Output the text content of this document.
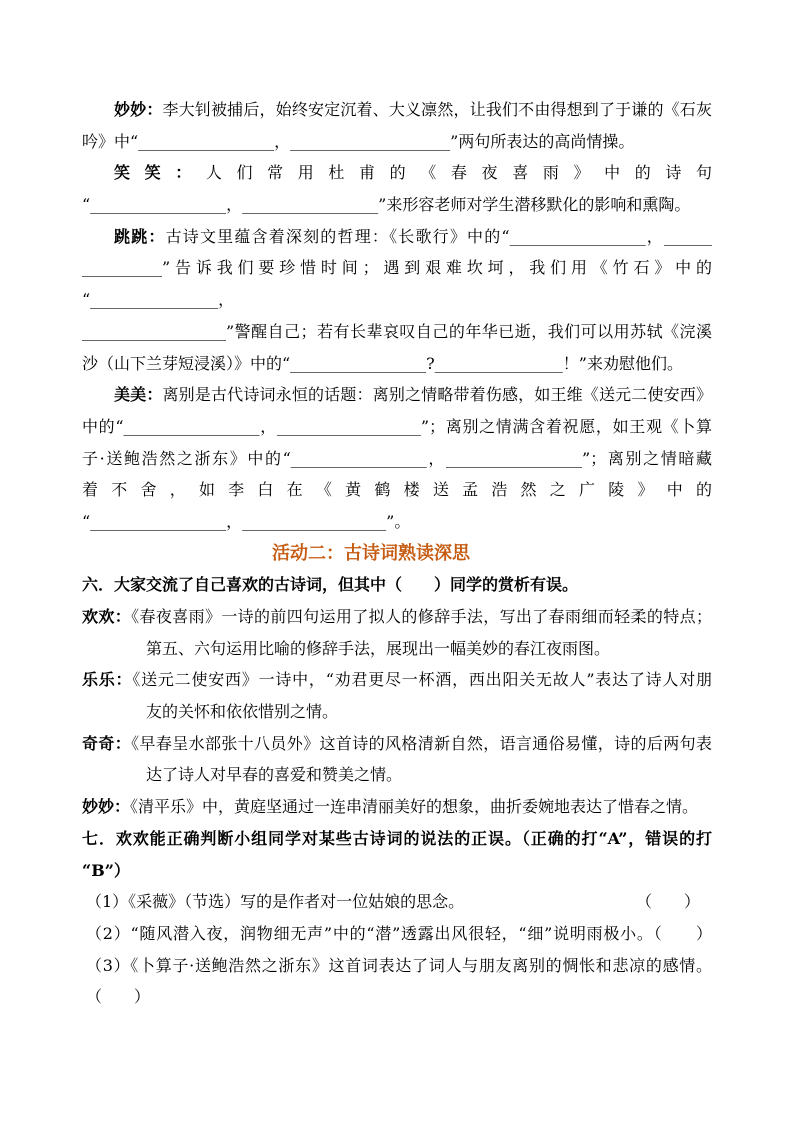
妙妙：李大钊被捕后，始终安定沉着、大义凛然，让我们不由得想到了于谦的《石灰
吟》中“_________________，____________________”两句所表达的高尚情操。
笑笑：人们常用杜甫的《春夜喜雨》中的诗句
“_________________，_________________”来形容老师对学生潜移默化的影响和熏陶。
跳跳：古诗文里蕴含着深刻的哲理：《长歌行》中的“_________________，______
__________”告诉我们要珍惜时间；遇到艰难坎坷，我们用《竹石》中的
“________________，
__________________”警醒自己；若有长辈哀叹自己的年华已逝，我们可以用苏轼《浣溪
沙（山下兰芽短浸溪）》中的“_________________?________________！”来劝慰他们。
美美：离别是古代诗词永恒的话题：离别之情略带着伤感，如王维《送元二使安西》
中的“_________________，__________________”；离别之情满含着祝愿，如王观《卜算
子·送鲍浩然之浙东》中的“_________________，_________________”；离别之情暗藏
着不舍，如李白在《黄鹤楼送孟浩然之广陵》中的
“_________________，__________________”。
活动二：古诗词熟读深思
六．大家交流了自己喜欢的古诗词，但其中（　　）同学的赏析有误。
欢欢：《春夜喜雨》一诗的前四句运用了拟人的修辞手法，写出了春雨细而轻柔的特点；
第五、六句运用比喻的修辞手法，展现出一幅美妙的春江夜雨图。
乐乐：《送元二使安西》一诗中，“劝君更尽一杯酒，西出阳关无故人”表达了诗人对朋
友的关怀和依依惜别之情。
奇奇：《早春呈水部张十八员外》这首诗的风格清新自然，语言通俗易懂，诗的后两句表
达了诗人对早春的喜爱和赞美之情。
妙妙：《清平乐》中，黄庭坚通过一连串清丽美好的想象，曲折委婉地表达了惜春之情。
七．欢欢能正确判断小组同学对某些古诗词的说法的正误。（正确的打“A”，错误的打
“B”）
（1）《采薇》（节选）写的是作者对一位姑娘的思念。	（　　）
（2）“随风潜入夜，润物细无声”中的“潜”透露出风很轻，“细”说明雨极小。（　　）
（3）《卜算子·送鲍浩然之浙东》这首词表达了词人与朋友离别的惆怅和悲凉的感情。
（　　）
